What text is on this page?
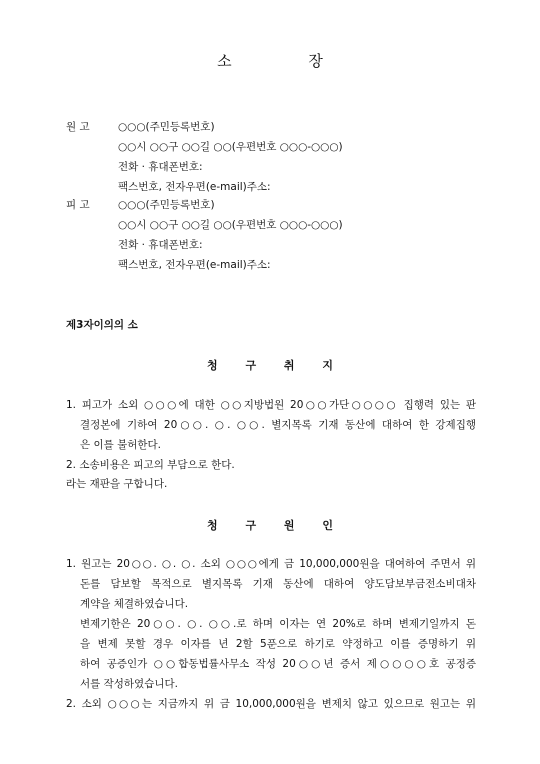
소 장
원 고	○○○(주민등록번호)
○○시 ○○구 ○○길 ○○(우편번호 ○○○-○○○)
전화 · 휴대폰번호:
팩스번호, 전자우편(e-mail)주소:
피 고	○○○(주민등록번호)
○○시 ○○구 ○○길 ○○(우편번호 ○○○-○○○)
전화 · 휴대폰번호:
팩스번호, 전자우편(e-mail)주소:
제3자이의의 소
청 구 취 지
1. 피고가 소외 ○○○에 대한 ○○지방법원 20○○가단○○○○ 집행력 있는 판
결정본에 기하여 20○○. ○. ○○. 별지목록 기재 동산에 대하여 한 강제집행
은 이를 불허한다.
2. 소송비용은 피고의 부담으로 한다.
라는 재판을 구합니다.
청 구 원 인
1. 원고는 20○○. ○. ○. 소외 ○○○에게 금 10,000,000원을 대여하여 주면서 위
돈를 담보할 목적으로 별지목록 기재 동산에 대하여 양도담보부금전소비대차
계약을 체결하였습니다.
변제기한은 20○○. ○. ○○.로 하며 이자는 연 20%로 하며 변제기일까지 돈
을 변제 못할 경우 이자를 년 2할 5푼으로 하기로 약정하고 이를 증명하기 위
하여 공증인가 ○○합동법률사무소 작성 20○○년 증서 제○○○○호 공정증
서를 작성하였습니다.
2. 소외 ○○○는 지금까지 위 금 10,000,000원을 변제치 않고 있으므로 원고는 위
